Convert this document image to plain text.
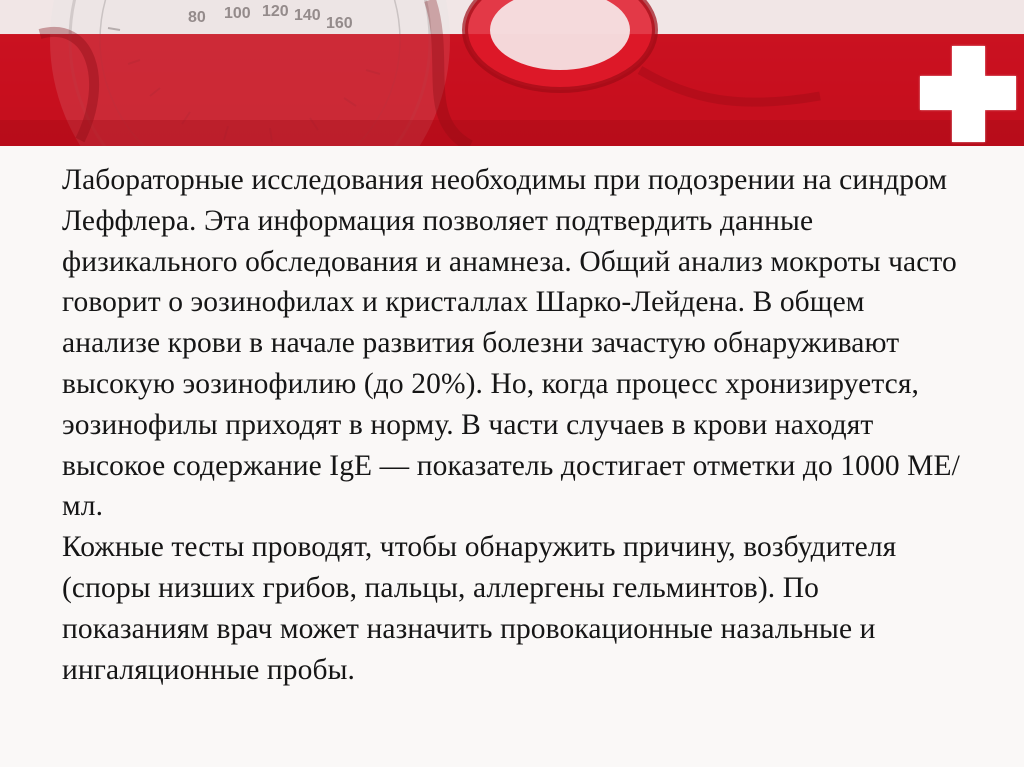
80 100 120 140 160

Лабораторные исследования необходимы при подозрении на синдром Леффлера. Эта информация позволяет подтвердить данные физикального обследования и анамнеза. Общий анализ мокроты часто говорит о эозинофилах и кристаллах Шарко-Лейдена. В общем анализе крови в начале развития болезни зачастую обнаруживают высокую эозинофилию (до 20%). Но, когда процесс хронизируется, эозинофилы приходят в норму. В части случаев в крови находят высокое содержание IgE — показатель достигает отметки до 1000 МЕ/мл.

Кожные тесты проводят, чтобы обнаружить причину, возбудителя (споры низших грибов, пальцы, аллергены гельминтов). По показаниям врач может назначить провокационные назальные и ингаляционные пробы.
